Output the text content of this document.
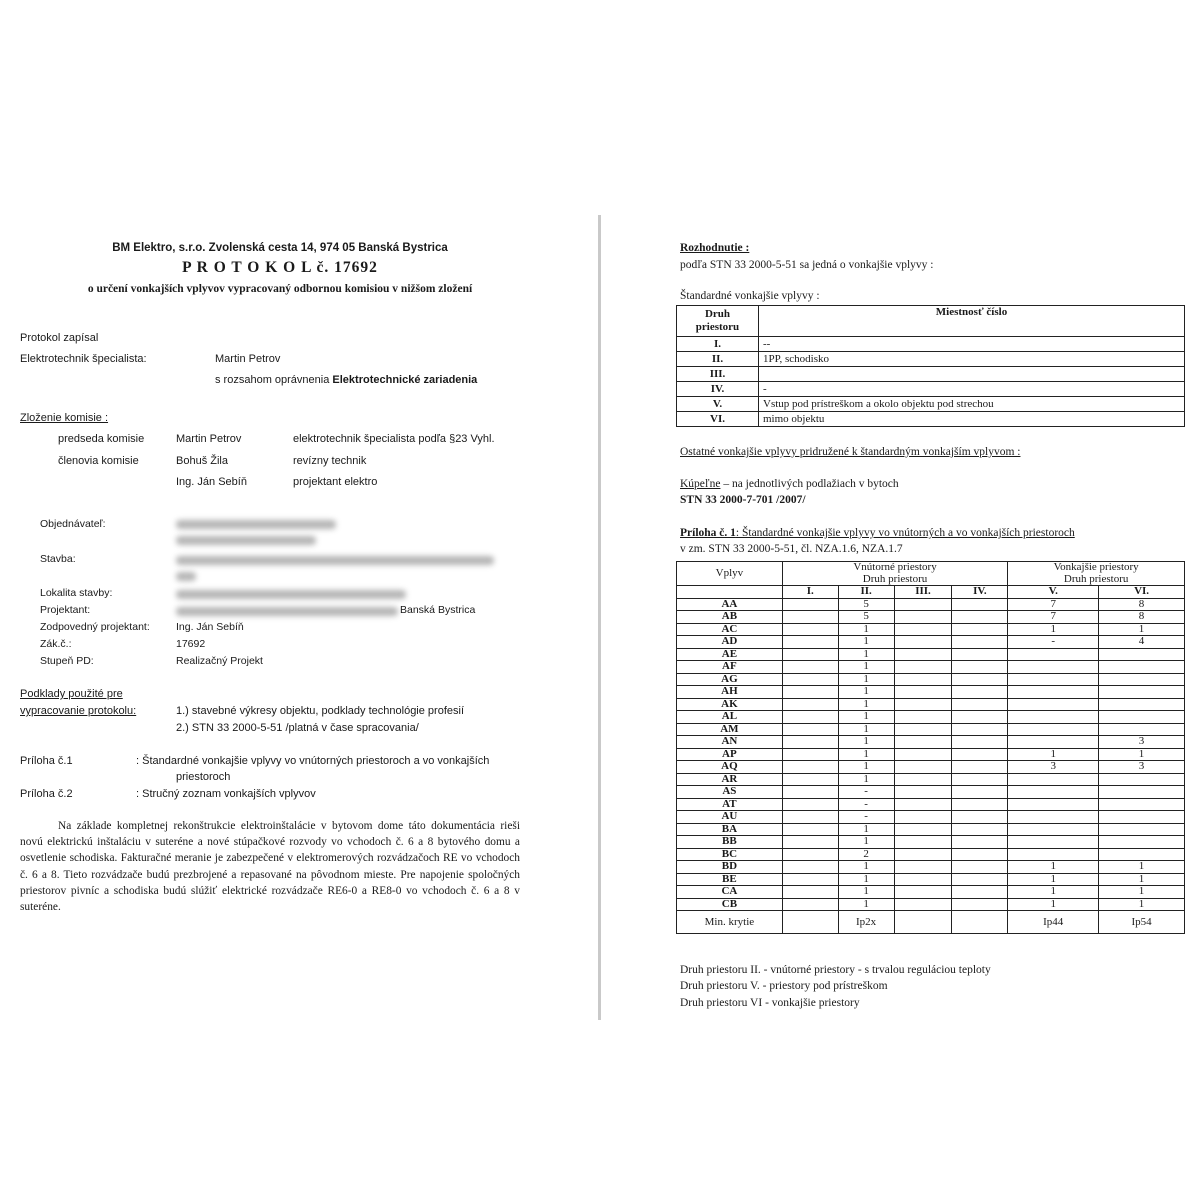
BM Elektro, s.r.o. Zvolenská cesta 14, 974 05 Banská Bystrica
P R O T O K O L č. 17692
o určení vonkajších vplyvov vypracovaný odbornou komisiou v nižšom zložení
Protokol zapísal
Elektrotechnik špecialista:	Martin Petrov
s rozsahom oprávnenia Elektrotechnické zariadenia
Zloženie komisie :
predseda komisie	Martin Petrov	elektrotechnik špecialista podľa §23 Vyhl.
členovia komisie	Bohuš Žila	revízny technik
Ing. Ján Sebíň	projektant elektro
Objednávateľ:
Stavba:
Lokalita stavby:
Projektant:	Banská Bystrica
Zodpovedný projektant:	Ing. Ján Sebíň
Zák.č.:	17692
Stupeň PD:	Realizačný Projekt
Podklady použité pre
vypracovanie protokolu:	1.) stavebné výkresy objektu, podklady technológie profesií
2.) STN 33 2000-5-51 /platná v čase spracovania/
Príloha č.1	: Štandardné vonkajšie vplyvy vo vnútorných priestoroch a vo vonkajších
priestoroch
Príloha č.2	: Stručný zoznam vonkajších vplyvov
Na základe kompletnej rekonštrukcie elektroinštalácie v bytovom dome táto dokumentácia rieši novú elektrickú inštaláciu v suteréne a nové stúpačkové rozvody vo vchodoch č. 6 a 8 bytového domu a osvetlenie schodiska. Fakturačné meranie je zabezpečené v elektromerových rozvádzačoch RE vo vchodoch č. 6 a 8. Tieto rozvádzače budú prezbrojené a repasované na pôvodnom mieste. Pre napojenie spoločných priestorov pivníc a schodiska budú slúžiť elektrické rozvádzače RE6-0 a RE8-0 vo vchodoch č. 6 a 8 v suteréne.
Rozhodnutie :
podľa STN 33 2000-5-51 sa jedná o vonkajšie vplyvy :
Štandardné vonkajšie vplyvy :
Druh
priestoru	Miestnosť číslo
I.	--
II.	1PP, schodisko
III.	
IV.	-
V.	Vstup pod prístreškom a okolo objektu pod strechou
VI.	mimo objektu
Ostatné vonkajšie vplyvy pridružené k štandardným vonkajším vplyvom :
Kúpeľne – na jednotlivých podlažiach v bytoch
STN 33 2000-7-701 /2007/
Príloha č. 1: Štandardné vonkajšie vplyvy vo vnútorných a vo vonkajších priestoroch
v zm. STN 33 2000-5-51, čl. NZA.1.6, NZA.1.7
Vplyv	Vnútorné priestory				Vonkajšie priestory	
	Druh priestoru				Druh priestoru	
	I.	II.	III.	IV.	V.	VI.
AA		5			7	8
AB		5			7	8
AC		1			1	1
AD		1			-	4
AE		1				
AF		1				
AG		1				
AH		1				
AK		1				
AL		1				
AM		1				
AN		1				3
AP		1			1	1
AQ		1			3	3
AR		1				
AS		-				
AT		-				
AU		-				
BA		1				
BB		1				
BC		2				
BD		1			1	1
BE		1			1	1
CA		1			1	1
CB		1			1	1
Min. krytie		Ip2x			Ip44	Ip54
Druh priestoru II. - vnútorné priestory - s trvalou reguláciou teploty
Druh priestoru V. - priestory pod prístreškom
Druh priestoru VI - vonkajšie priestory
